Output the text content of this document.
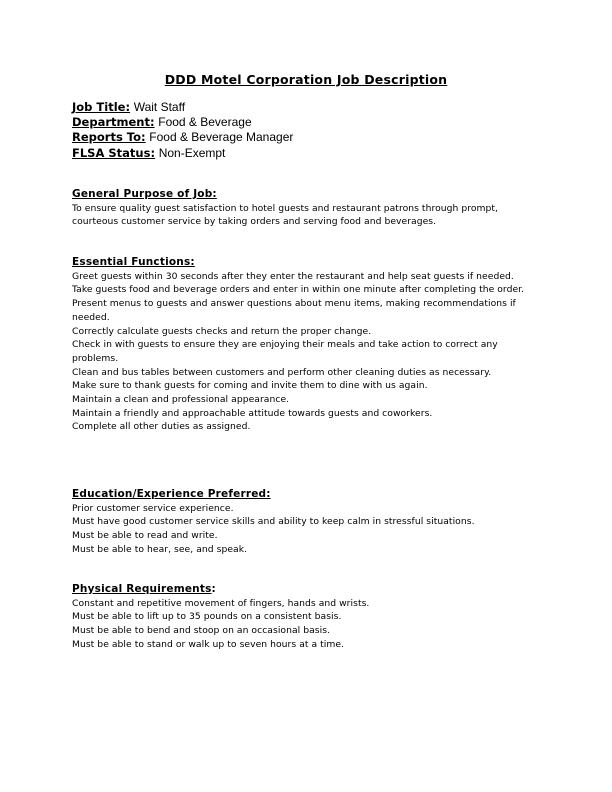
DDD Motel Corporation Job Description
Job Title: Wait Staff
Department: Food & Beverage
Reports To: Food & Beverage Manager
FLSA Status: Non-Exempt
General Purpose of Job:
To ensure quality guest satisfaction to hotel guests and restaurant patrons through prompt, courteous customer service by taking orders and serving food and beverages.
Essential Functions:
Greet guests within 30 seconds after they enter the restaurant and help seat guests if needed.
Take guests food and beverage orders and enter in within one minute after completing the order.
Present menus to guests and answer questions about menu items, making recommendations if needed.
Correctly calculate guests checks and return the proper change.
Check in with guests to ensure they are enjoying their meals and take action to correct any problems.
Clean and bus tables between customers and perform other cleaning duties as necessary.
Make sure to thank guests for coming and invite them to dine with us again.
Maintain a clean and professional appearance.
Maintain a friendly and approachable attitude towards guests and coworkers.
Complete all other duties as assigned.
Education/Experience Preferred:
Prior customer service experience.
Must have good customer service skills and ability to keep calm in stressful situations.
Must be able to read and write.
Must be able to hear, see, and speak.
Physical Requirements:
Constant and repetitive movement of fingers, hands and wrists.
Must be able to lift up to 35 pounds on a consistent basis.
Must be able to bend and stoop on an occasional basis.
Must be able to stand or walk up to seven hours at a time.
